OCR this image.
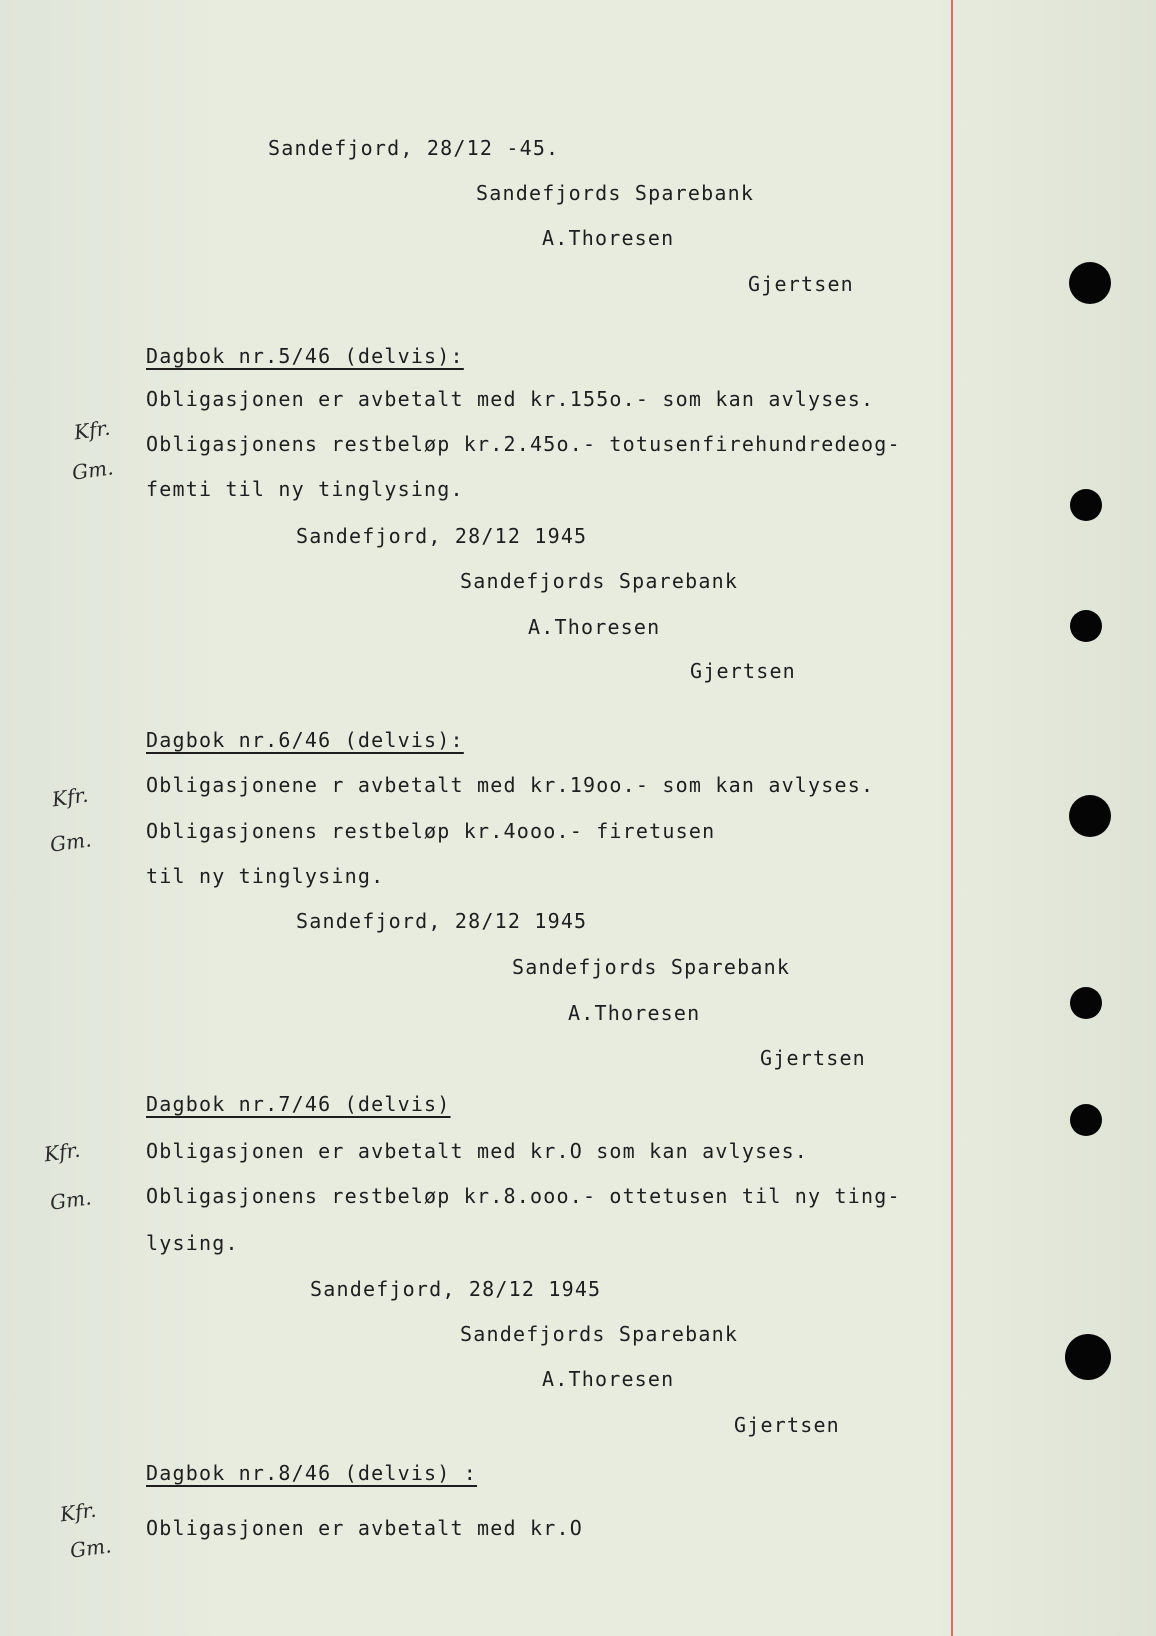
Sandefjord, 28/12 -45.
Sandefjords Sparebank
A.Thoresen
Gjertsen
Dagbok nr.5/46 (delvis):
Kfr.
Gm.
Obligasjonen er avbetalt med kr.155o.- som kan avlyses.
Obligasjonens restbeløp kr.2.45o.- totusenfirehundredeog-
femti til ny tinglysing.
Sandefjord, 28/12 1945
Sandefjords Sparebank
A.Thoresen
Gjertsen
Dagbok nr.6/46 (delvis):
Kfr.
Gm.
Obligasjonene r avbetalt med kr.19oo.- som kan avlyses.
Obligasjonens restbeløp kr.4ooo.- firetusen
til ny tinglysing.
Sandefjord, 28/12 1945
Sandefjords Sparebank
A.Thoresen
Gjertsen
Dagbok nr.7/46 (delvis)
Kfr.
Gm.
Obligasjonen er avbetalt med kr.O som kan avlyses.
Obligasjonens restbeløp kr.8.ooo.- ottetusen til ny ting-
lysing.
Sandefjord, 28/12 1945
Sandefjords Sparebank
A.Thoresen
Gjertsen
Dagbok nr.8/46 (delvis) :
Kfr.
Gm.
Obligasjonen er avbetalt med kr.O
